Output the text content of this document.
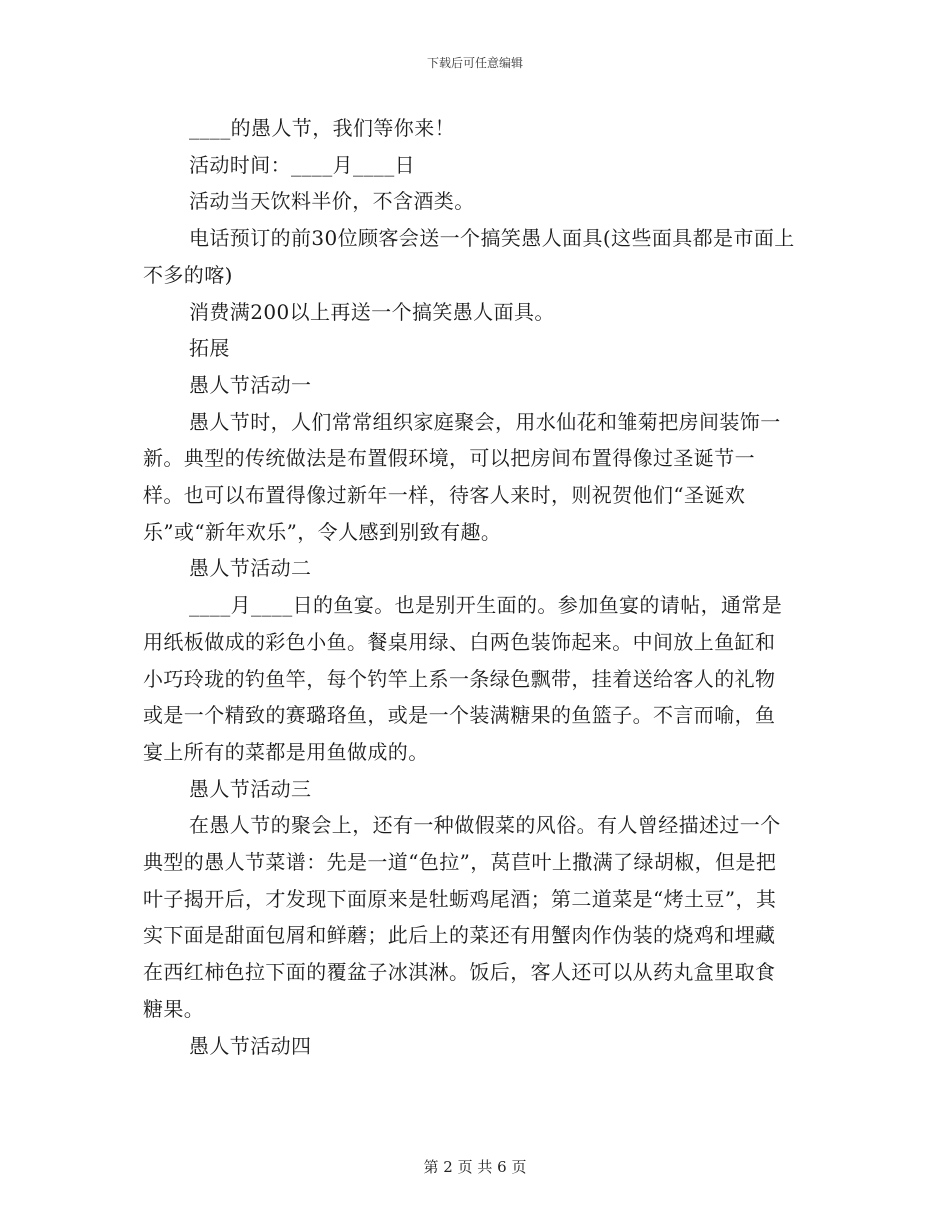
下载后可任意编辑

____的愚人节，我们等你来！

活动时间：____月____日

活动当天饮料半价，不含酒类。

电话预订的前30位顾客会送一个搞笑愚人面具(这些面具都是市面上不多的喀)

消费满200以上再送一个搞笑愚人面具。

拓展

愚人节活动一

愚人节时，人们常常组织家庭聚会，用水仙花和雏菊把房间装饰一新。典型的传统做法是布置假环境，可以把房间布置得像过圣诞节一样。也可以布置得像过新年一样，待客人来时，则祝贺他们“圣诞欢乐”或“新年欢乐”，令人感到别致有趣。

愚人节活动二

____月____日的鱼宴。也是别开生面的。参加鱼宴的请帖，通常是用纸板做成的彩色小鱼。餐桌用绿、白两色装饰起来。中间放上鱼缸和小巧玲珑的钓鱼竿，每个钓竿上系一条绿色飘带，挂着送给客人的礼物或是一个精致的赛璐珞鱼，或是一个装满糖果的鱼篮子。不言而喻，鱼宴上所有的菜都是用鱼做成的。

愚人节活动三

在愚人节的聚会上，还有一种做假菜的风俗。有人曾经描述过一个典型的愚人节菜谱：先是一道“色拉”，莴苣叶上撒满了绿胡椒，但是把叶子揭开后，才发现下面原来是牡蛎鸡尾酒；第二道菜是“烤土豆”，其实下面是甜面包屑和鲜蘑；此后上的菜还有用蟹肉作伪装的烧鸡和埋藏在西红柿色拉下面的覆盆子冰淇淋。饭后，客人还可以从药丸盒里取食糖果。

愚人节活动四

第 2 页 共 6 页
